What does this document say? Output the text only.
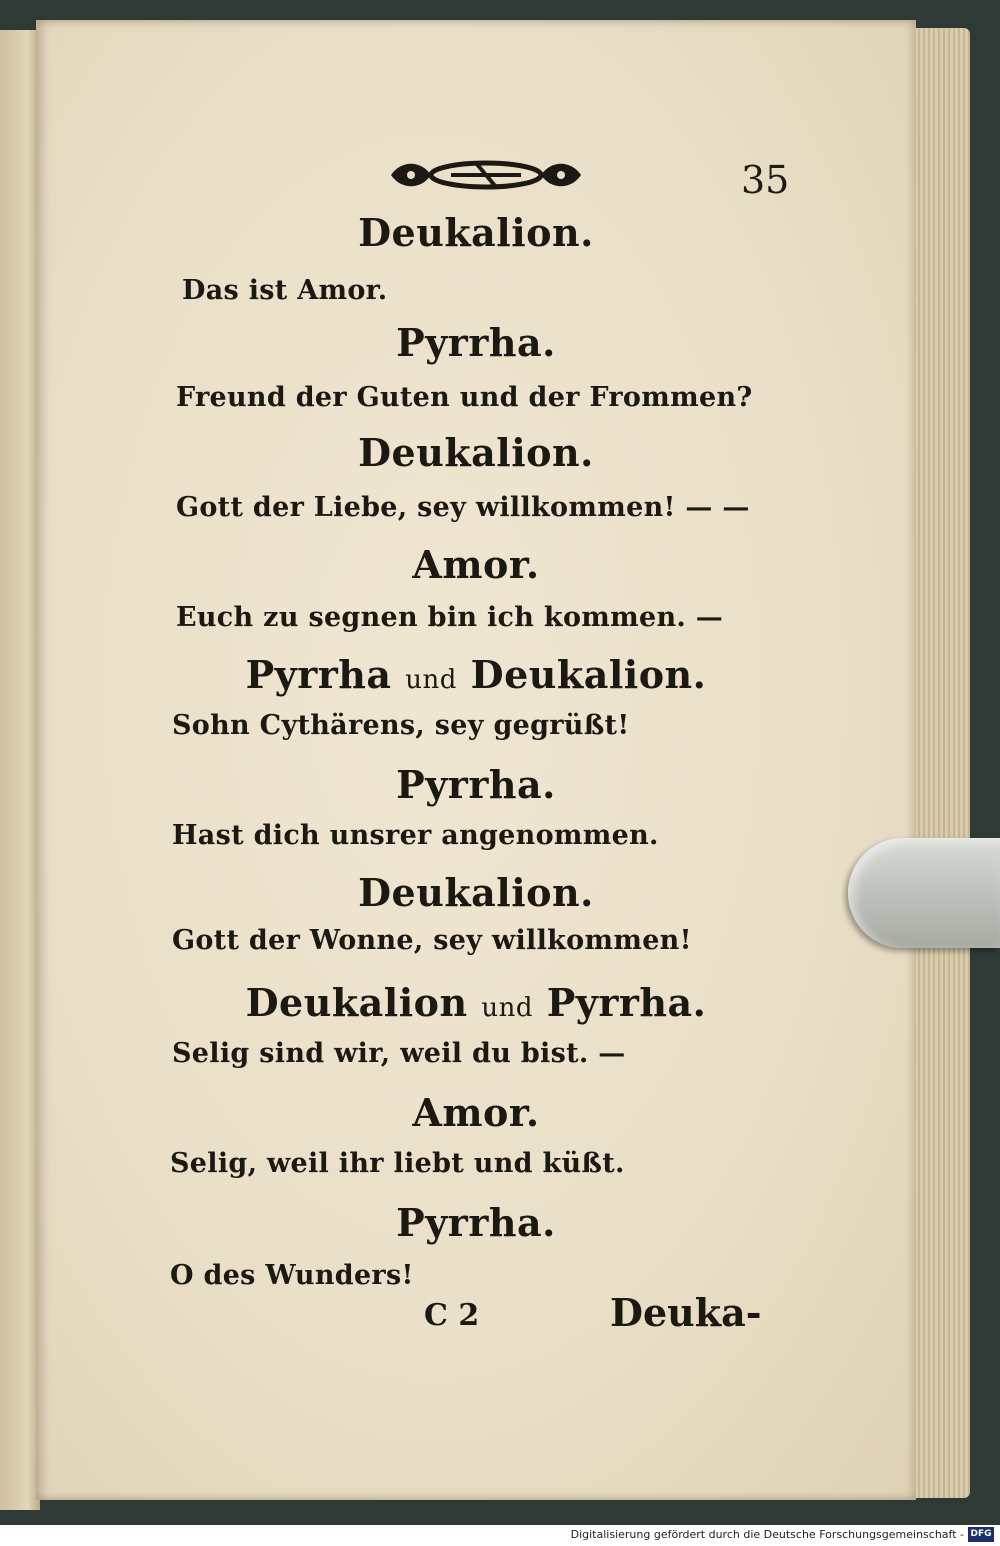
35
Deukalion.
Das ist Amor.
Pyrrha.
Freund der Guten und der Frommen?
Deukalion.
Gott der Liebe, sey willkommen! — —
Amor.
Euch zu segnen bin ich kommen. —
Pyrrha und Deukalion.
Sohn Cythärens, sey gegrüßt!
Pyrrha.
Hast dich unsrer angenommen.
Deukalion.
Gott der Wonne, sey willkommen!
Deukalion und Pyrrha.
Selig sind wir, weil du bist. —
Amor.
Selig, weil ihr liebt und küßt.
Pyrrha.
O des Wunders!
C 2	Deuka-
Digitalisierung gefördert durch die Deutsche Forschungsgemeinschaft - DFG
